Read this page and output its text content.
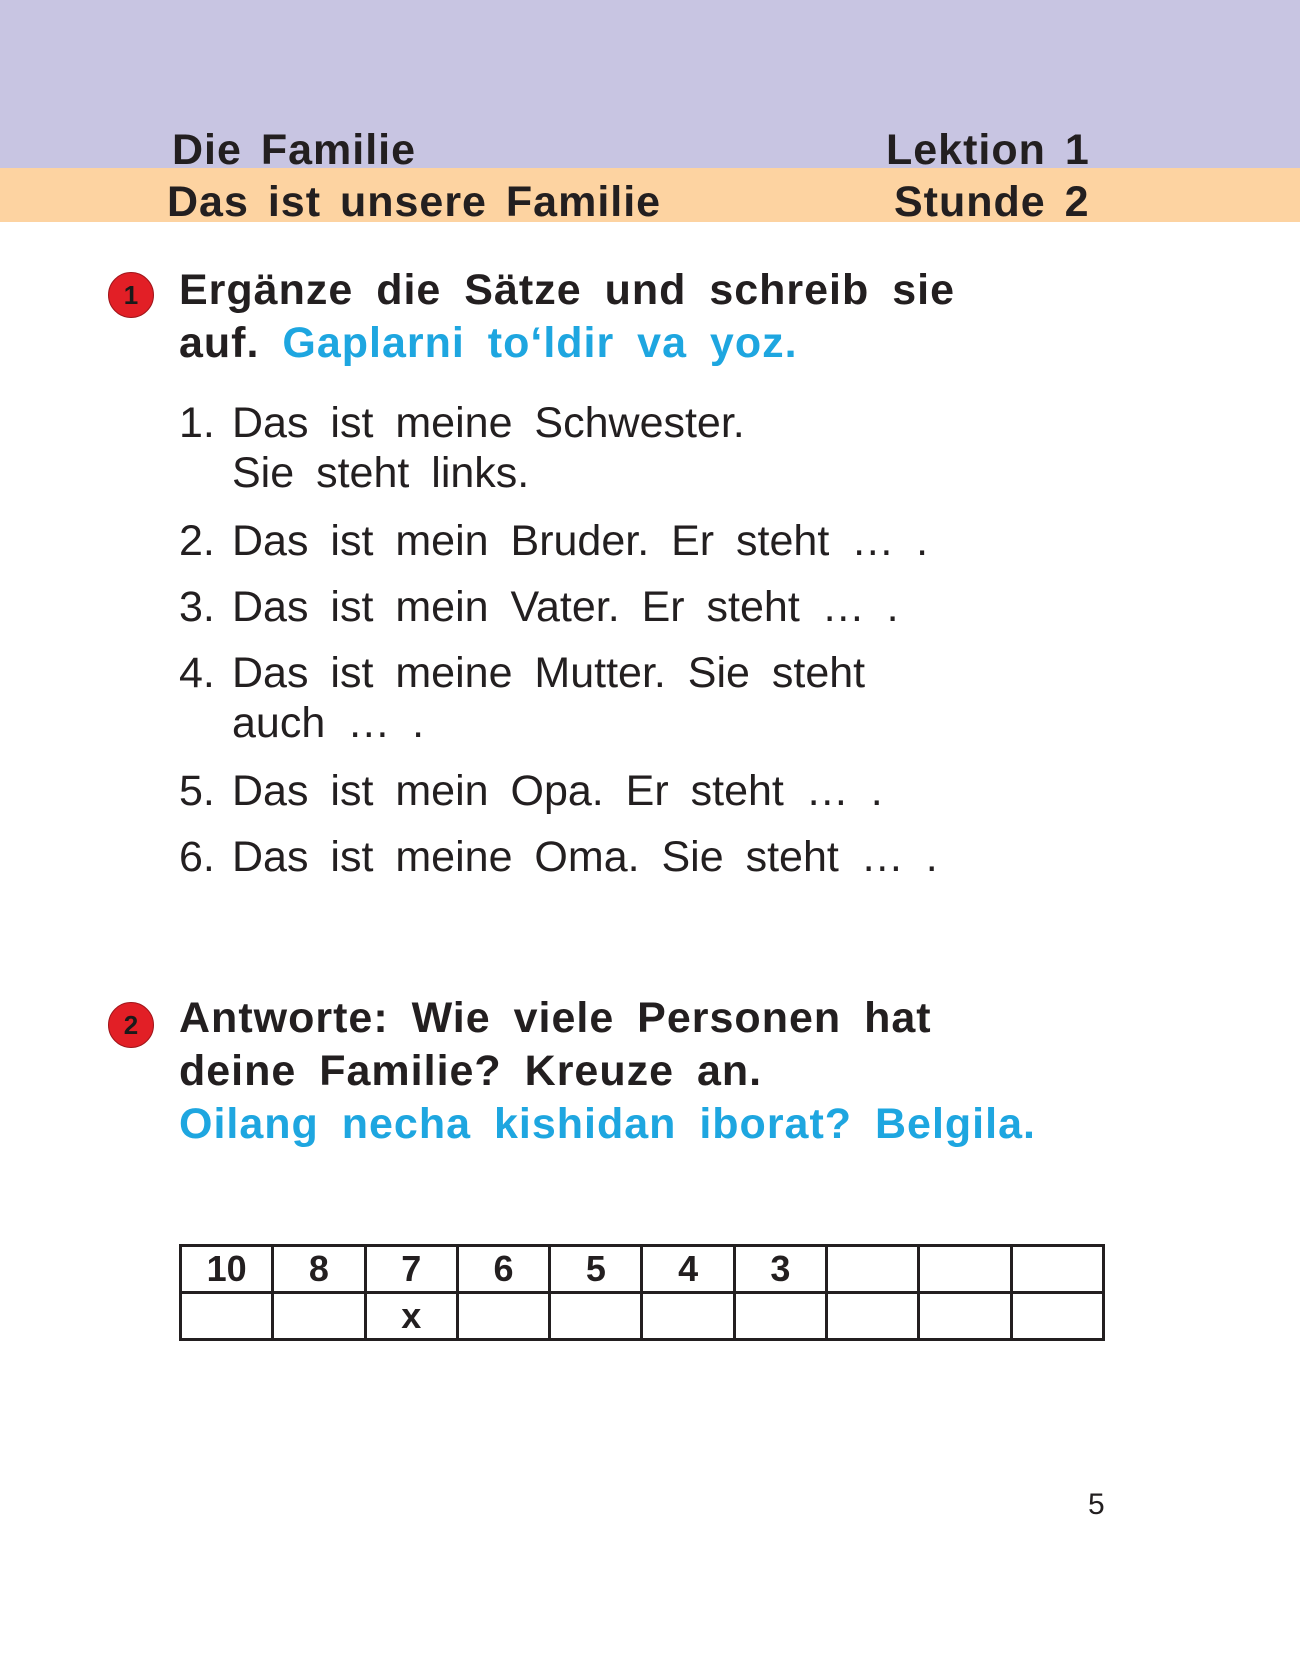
Die Familie	Lektion 1
Das ist unsere Familie	Stunde 2
1 Ergänze die Sätze und schreib sie
auf. Gaplarni to‘ldir va yoz.
1. Das ist meine Schwester.
Sie steht links.
2. Das ist mein Bruder. Er steht … .
3. Das ist mein Vater. Er steht … .
4. Das ist meine Mutter. Sie steht
auch … .
5. Das ist mein Opa. Er steht … .
6. Das ist meine Oma. Sie steht … .
2 Antworte: Wie viele Personen hat
deine Familie? Kreuze an.
Oilang necha kishidan iborat? Belgila.
10	8	7	6	5	4	3			
		x							
5
